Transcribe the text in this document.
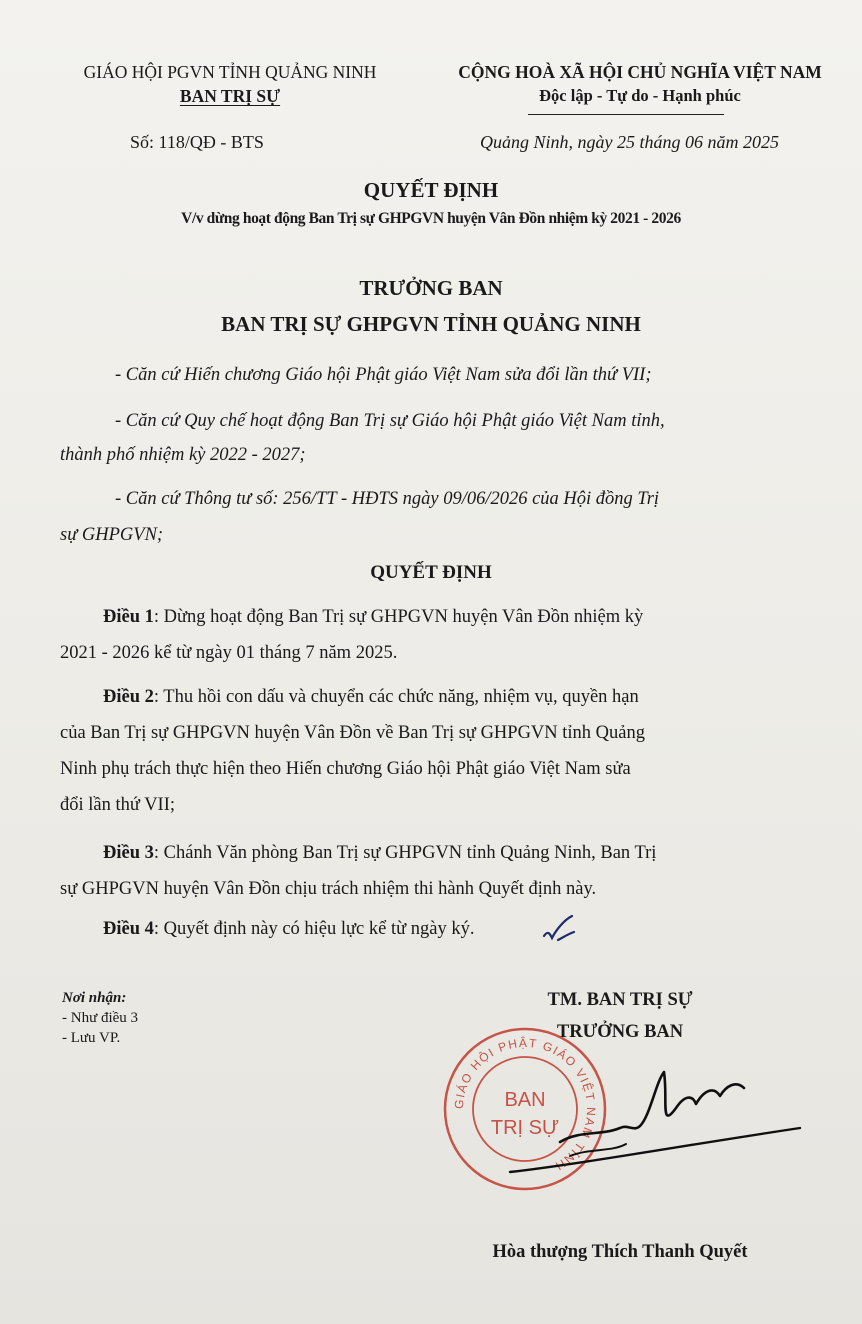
GIÁO HỘI PGVN TỈNH QUẢNG NINH
BAN TRỊ SỰ
CỘNG HOÀ XÃ HỘI CHỦ NGHĨA VIỆT NAM
Độc lập - Tự do - Hạnh phúc
Số: 118/QĐ - BTS	Quảng Ninh, ngày 25 tháng 06 năm 2025
QUYẾT ĐỊNH
V/v dừng hoạt động Ban Trị sự GHPGVN huyện Vân Đồn nhiệm kỳ 2021 - 2026
TRƯỞNG BAN
BAN TRỊ SỰ GHPGVN TỈNH QUẢNG NINH
- Căn cứ Hiến chương Giáo hội Phật giáo Việt Nam sửa đổi lần thứ VII;
- Căn cứ Quy chế hoạt động Ban Trị sự Giáo hội Phật giáo Việt Nam tỉnh,
thành phố nhiệm kỳ 2022 - 2027;
- Căn cứ Thông tư số: 256/TT - HĐTS ngày 09/06/2026 của Hội đồng Trị
sự GHPGVN;
QUYẾT ĐỊNH
Điều 1: Dừng hoạt động Ban Trị sự GHPGVN huyện Vân Đồn nhiệm kỳ
2021 - 2026 kể từ ngày 01 tháng 7 năm 2025.
Điều 2: Thu hồi con dấu và chuyển các chức năng, nhiệm vụ, quyền hạn
của Ban Trị sự GHPGVN huyện Vân Đồn về Ban Trị sự GHPGVN tỉnh Quảng
Ninh phụ trách thực hiện theo Hiến chương Giáo hội Phật giáo Việt Nam sửa
đổi lần thứ VII;
Điều 3: Chánh Văn phòng Ban Trị sự GHPGVN tỉnh Quảng Ninh, Ban Trị
sự GHPGVN huyện Vân Đồn chịu trách nhiệm thi hành Quyết định này.
Điều 4: Quyết định này có hiệu lực kể từ ngày ký.
Nơi nhận:
- Như điều 3
- Lưu VP.
TM. BAN TRỊ SỰ
TRƯỞNG BAN
GIÁO HỘI PHẬT GIÁO VIỆT NAM TỈNH
BAN
TRỊ SỰ
Hòa thượng Thích Thanh Quyết
